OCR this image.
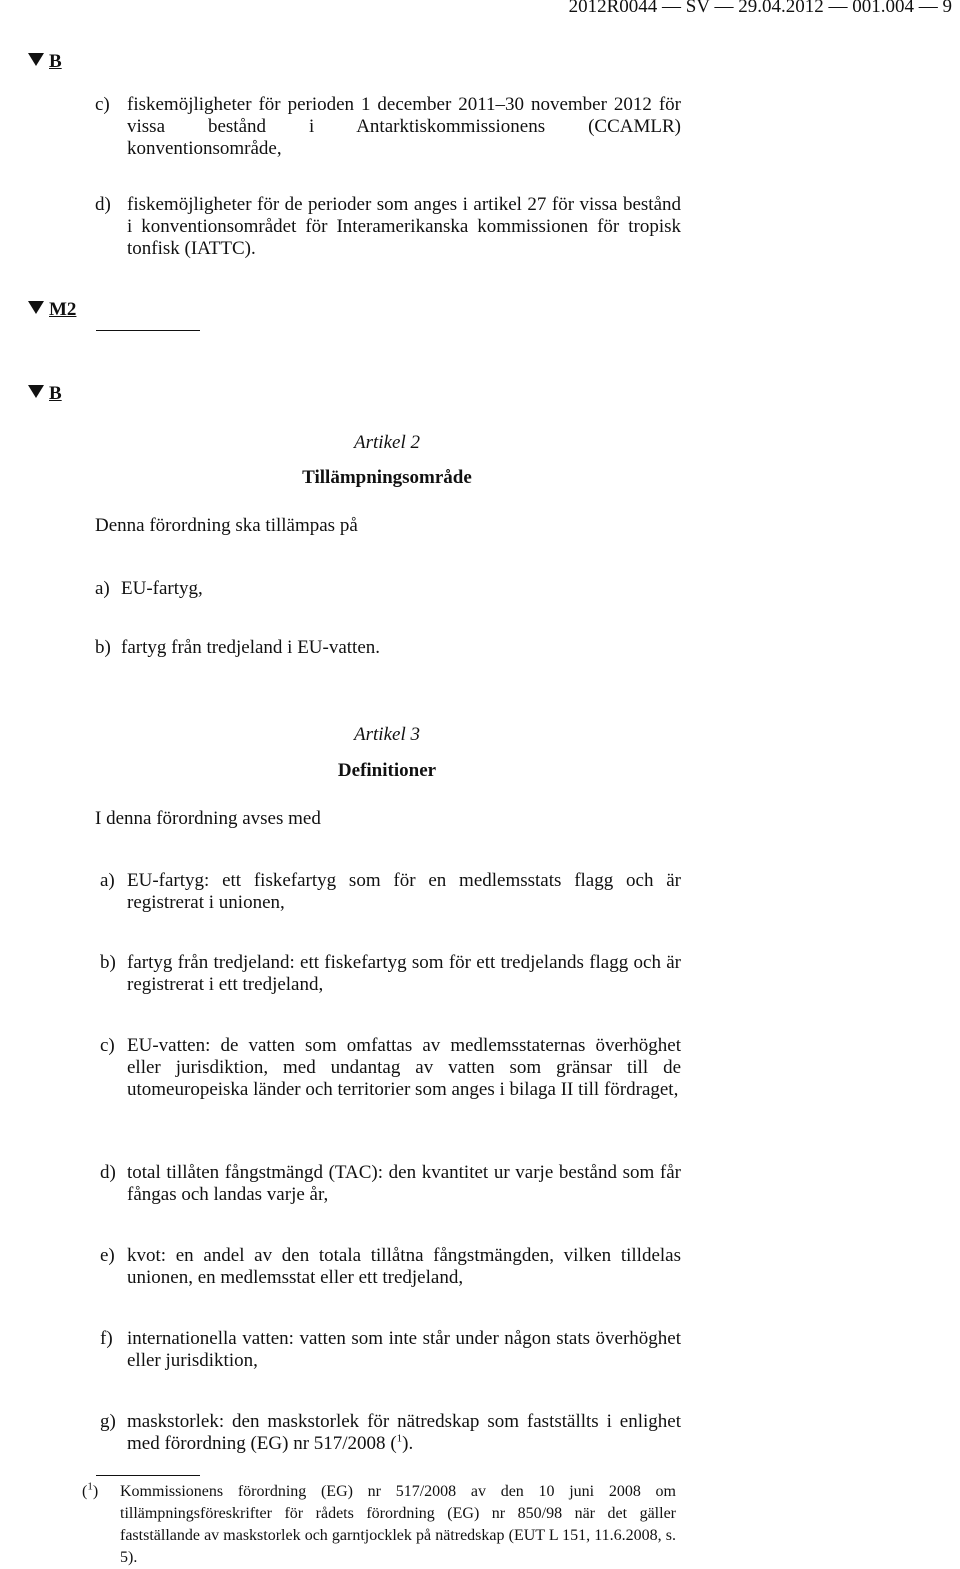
2012R0044 — SV — 29.04.2012 — 001.004 — 9
B
c) fiskemöjligheter för perioden 1 december 2011–30 november 2012 för vissa bestånd i Antarktiskommissionens (CCAMLR) konventionsområde,
d) fiskemöjligheter för de perioder som anges i artikel 27 för vissa bestånd i konventionsområdet för Interamerikanska kommissionen för tropisk tonfisk (IATTC).
M2
B
Artikel 2
Tillämpningsområde
Denna förordning ska tillämpas på
a) EU-fartyg,
b) fartyg från tredjeland i EU-vatten.
Artikel 3
Definitioner
I denna förordning avses med
a) EU-fartyg: ett fiskefartyg som för en medlemsstats flagg och är registrerat i unionen,
b) fartyg från tredjeland: ett fiskefartyg som för ett tredjelands flagg och är registrerat i ett tredjeland,
c) EU-vatten: de vatten som omfattas av medlemsstaternas överhöghet eller jurisdiktion, med undantag av vatten som gränsar till de utomeuropeiska länder och territorier som anges i bilaga II till fördraget,
d) total tillåten fångstmängd (TAC): den kvantitet ur varje bestånd som får fångas och landas varje år,
e) kvot: en andel av den totala tillåtna fångstmängden, vilken tilldelas unionen, en medlemsstat eller ett tredjeland,
f) internationella vatten: vatten som inte står under någon stats överhöghet eller jurisdiktion,
g) maskstorlek: den maskstorlek för nätredskap som fastställts i enlighet med förordning (EG) nr 517/2008 ($^1$).
($^1$)	Kommissionens förordning (EG) nr 517/2008 av den 10 juni 2008 om tillämpningsföreskrifter för rådets förordning (EG) nr 850/98 när det gäller fastställande av maskstorlek och garntjocklek på nätredskap (EUT L 151, 11.6.2008, s. 5).
